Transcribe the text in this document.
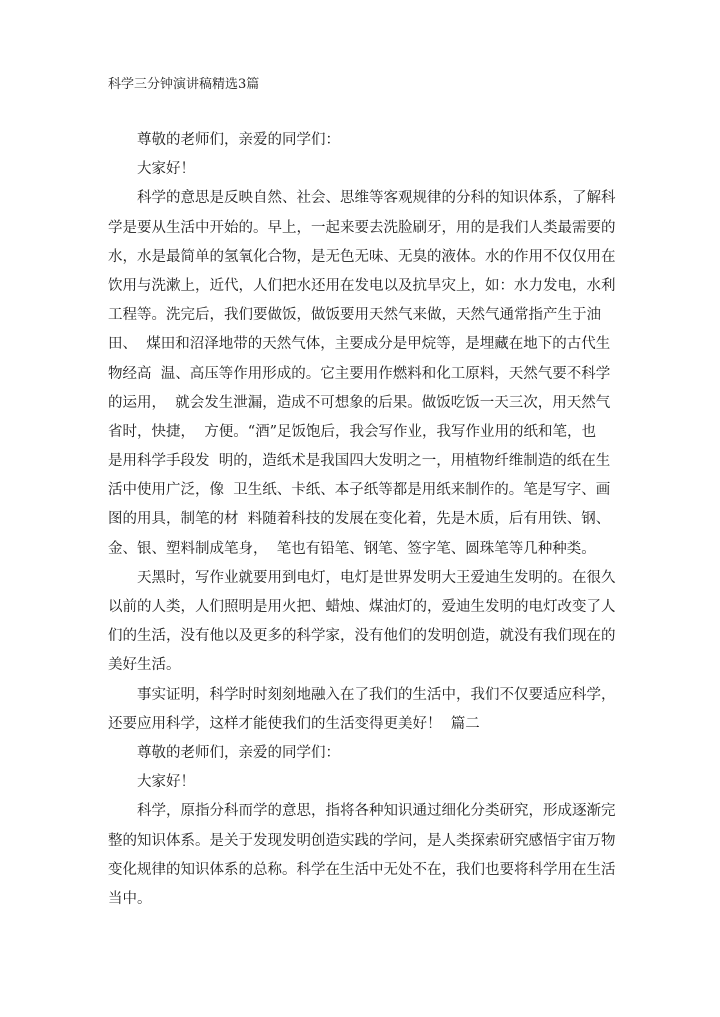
科学三分钟演讲稿精选3篇
尊敬的老师们，亲爱的同学们：
大家好！
科学的意思是反映自然、社会、思维等客观规律的分科的知识体系，了解科
学是要从生活中开始的。早上，一起来要去洗脸刷牙，用的是我们人类最需要的
水，水是最简单的氢氧化合物，是无色无味、无臭的液体。水的作用不仅仅用在
饮用与洗漱上，近代，人们把水还用在发电以及抗旱灾上，如：水力发电，水利
工程等。洗完后，我们要做饭，做饭要用天然气来做，天然气通常指产生于油
田、  煤田和沼泽地带的天然气体，主要成分是甲烷等，是埋藏在地下的古代生
物经高  温、高压等作用形成的。它主要用作燃料和化工原料，天然气要不科学
的运用，  就会发生泄漏，造成不可想象的后果。做饭吃饭一天三次，用天然气
省时，快捷，  方便。“酒”足饭饱后，我会写作业，我写作业用的纸和笔，也
是用科学手段发  明的，造纸术是我国四大发明之一，用植物纤维制造的纸在生
活中使用广泛，像  卫生纸、卡纸、本子纸等都是用纸来制作的。笔是写字、画
图的用具，制笔的材  料随着科技的发展在变化着，先是木质，后有用铁、钢、
金、银、塑料制成笔身，  笔也有铅笔、钢笔、签字笔、圆珠笔等几种种类。
天黑时，写作业就要用到电灯，电灯是世界发明大王爱迪生发明的。在很久
以前的人类，人们照明是用火把、蜡烛、煤油灯的，爱迪生发明的电灯改变了人
们的生活，没有他以及更多的科学家，没有他们的发明创造，就没有我们现在的
美好生活。
事实证明，科学时时刻刻地融入在了我们的生活中，我们不仅要适应科学，
还要应用科学，这样才能使我们的生活变得更美好！  篇二
尊敬的老师们，亲爱的同学们：
大家好！
科学，原指分科而学的意思，指将各种知识通过细化分类研究，形成逐渐完
整的知识体系。是关于发现发明创造实践的学问，是人类探索研究感悟宇宙万物
变化规律的知识体系的总称。科学在生活中无处不在，我们也要将科学用在生活
当中。
